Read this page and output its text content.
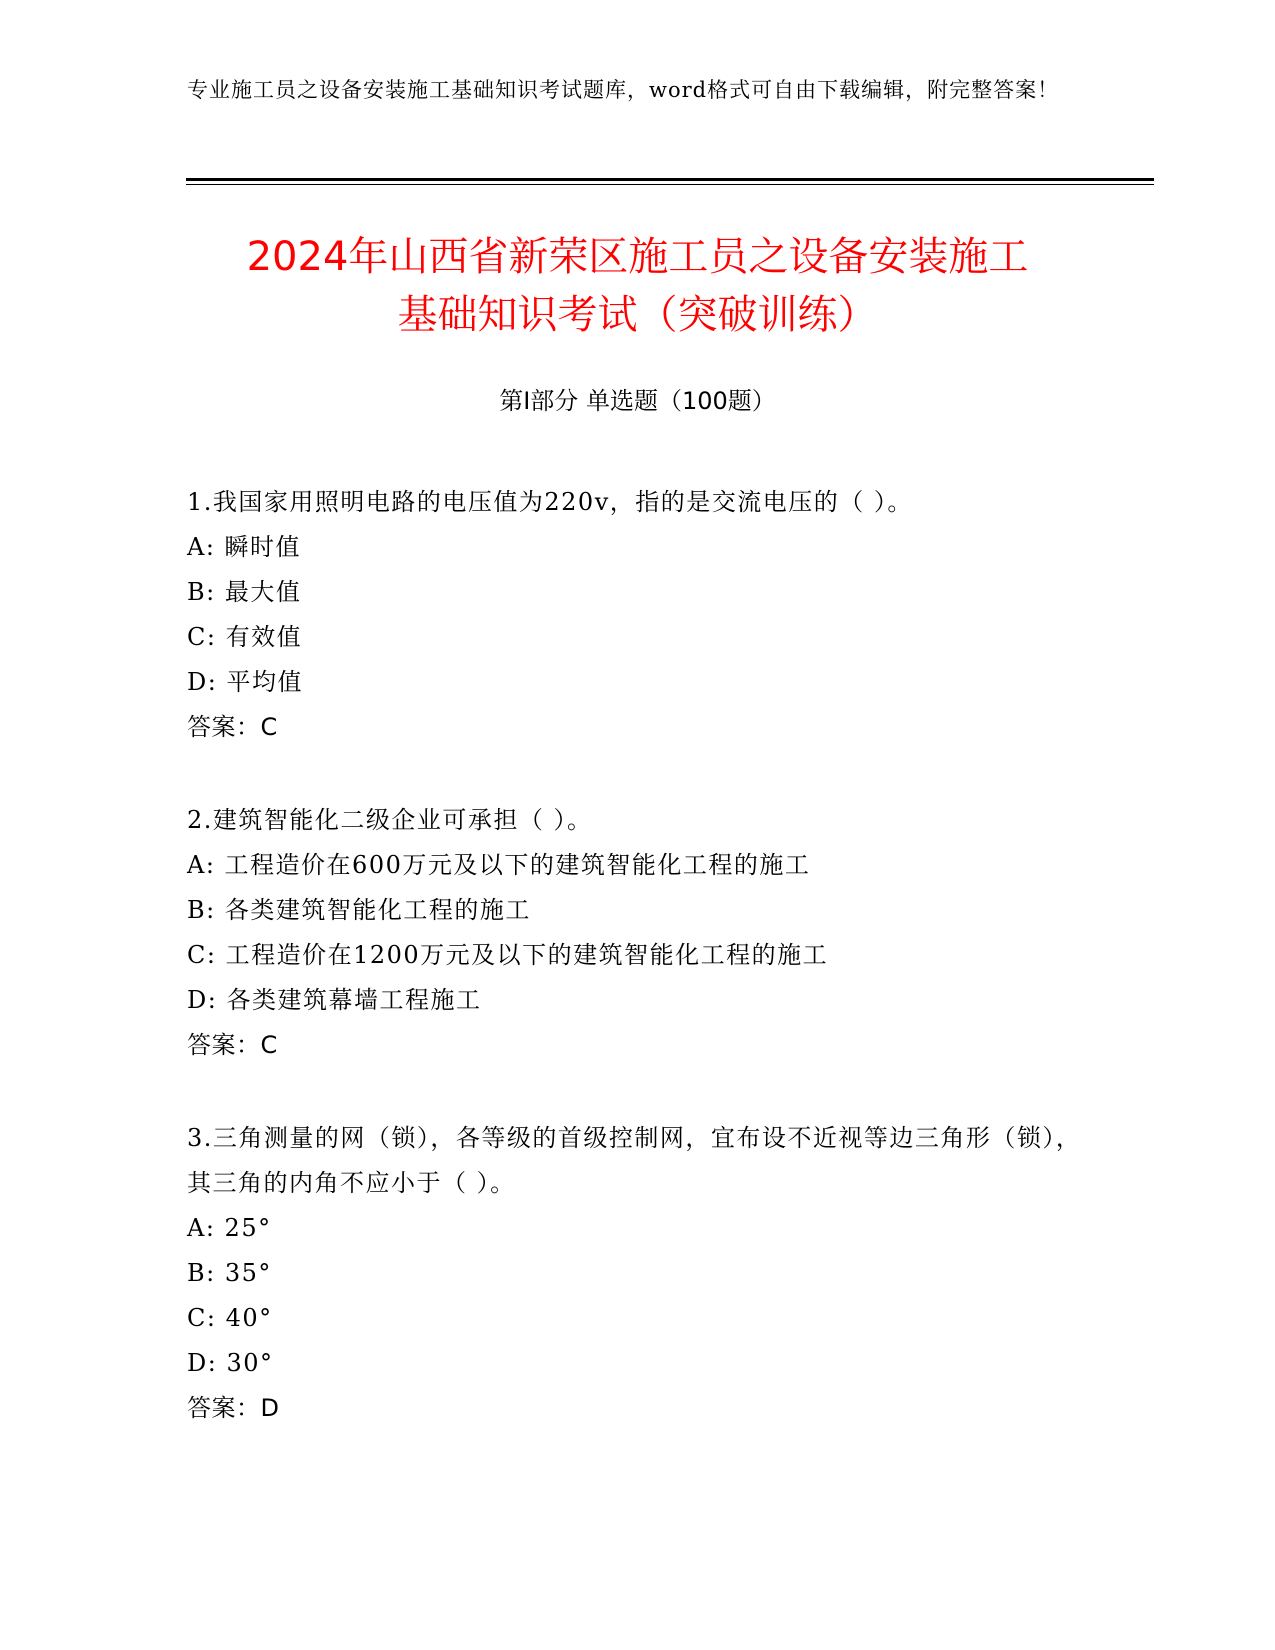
专业施工员之设备安装施工基础知识考试题库，word格式可自由下载编辑，附完整答案！
2024年山西省新荣区施工员之设备安装施工
基础知识考试（突破训练）
第Ⅰ部分 单选题（100题）
1.我国家用照明电路的电压值为220v，指的是交流电压的（ ）。
A: 瞬时值
B: 最大值
C: 有效值
D: 平均值
答案：C
2.建筑智能化二级企业可承担（ ）。
A: 工程造价在600万元及以下的建筑智能化工程的施工
B: 各类建筑智能化工程的施工
C: 工程造价在1200万元及以下的建筑智能化工程的施工
D: 各类建筑幕墙工程施工
答案：C
3.三角测量的网（锁），各等级的首级控制网，宜布设不近视等边三角形（锁），其三角的内角不应小于（ ）。
A: 25°
B: 35°
C: 40°
D: 30°
答案：D
